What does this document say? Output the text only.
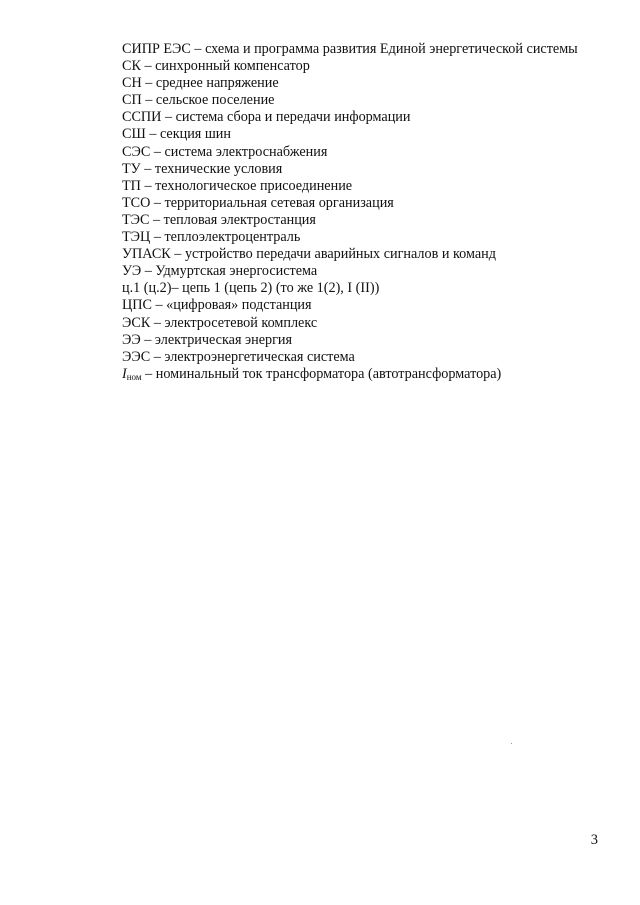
СИПР ЕЭС – схема и программа развития Единой энергетической системы

СК – синхронный компенсатор

СН – среднее напряжение

СП – сельское поселение

ССПИ – система сбора и передачи информации

СШ – секция шин

СЭС – система электроснабжения

ТУ – технические условия

ТП – технологическое присоединение

ТСО – территориальная сетевая организация

ТЭС – тепловая электростанция

ТЭЦ – теплоэлектроцентраль

УПАСК – устройство передачи аварийных сигналов и команд

УЭ – Удмуртская энергосистема

ц.1 (ц.2)– цепь 1 (цепь 2) (то же 1(2), I (II))

ЦПС – «цифровая» подстанция

ЭСК – электросетевой комплекс

ЭЭ – электрическая энергия

ЭЭС – электроэнергетическая система

Iном – номинальный ток трансформатора (автотрансформатора)

3
